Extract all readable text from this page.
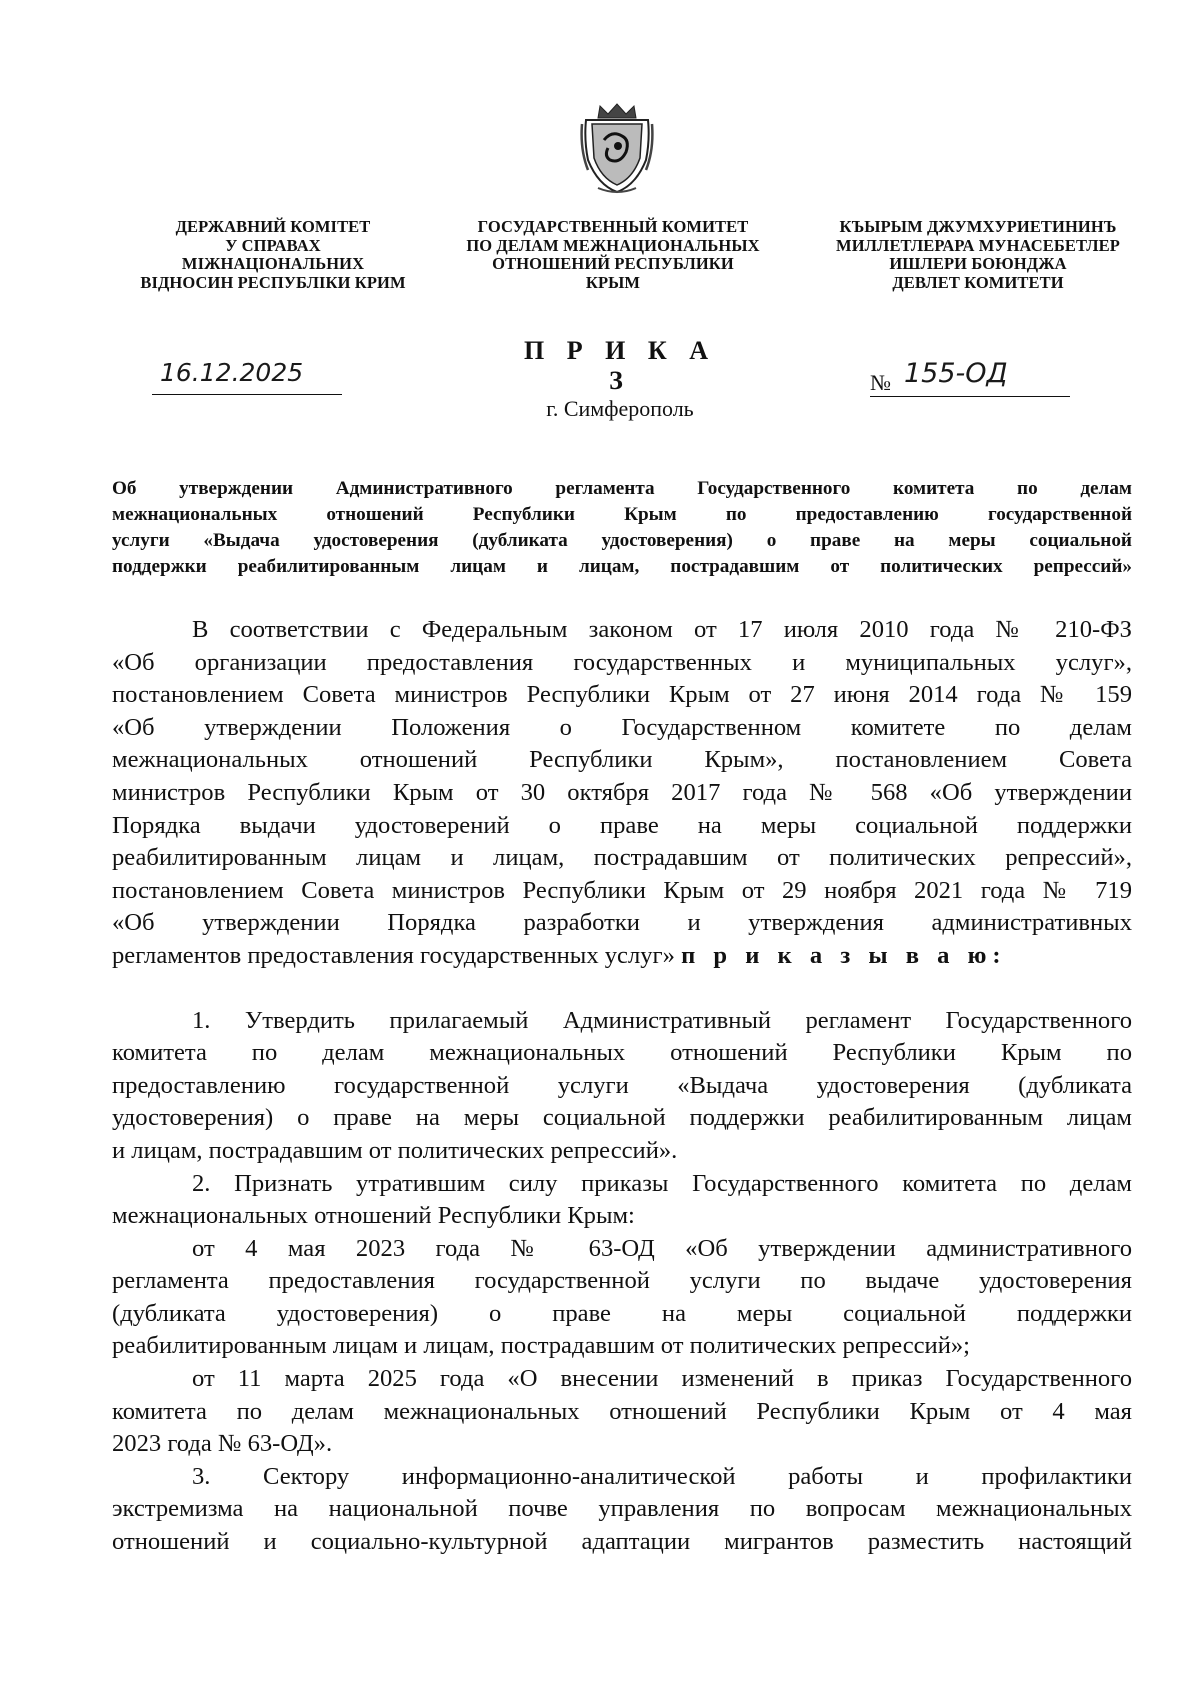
ДЕРЖАВНИЙ КОМІТЕТ
У СПРАВАХ
МІЖНАЦІОНАЛЬНИХ
ВІДНОСИН РЕСПУБЛІКИ КРИМ
ГОСУДАРСТВЕННЫЙ КОМИТЕТ
ПО ДЕЛАМ МЕЖНАЦИОНАЛЬНЫХ
ОТНОШЕНИЙ РЕСПУБЛИКИ
КРЫМ
КЪЫРЫМ ДЖУМХУРИЕТИНИНЪ
МИЛЛЕТЛЕРАРА МУНАСЕБЕТЛЕР
ИШЛЕРИ БОЮНДЖА
ДЕВЛЕТ КОМИТЕТИ
П Р И К А З
16.12.2025	№ 155-ОД
г. Симферополь
Об утверждении Административного регламента Государственного комитета по делам
межнациональных отношений Республики Крым по предоставлению государственной
услуги «Выдача удостоверения (дубликата удостоверения) о праве на меры социальной
поддержки реабилитированным лицам и лицам, пострадавшим от политических репрессий»
В соответствии с Федеральным законом от 17 июля 2010 года № 210-ФЗ
«Об организации предоставления государственных и муниципальных услуг»,
постановлением Совета министров Республики Крым от 27 июня 2014 года № 159
«Об утверждении Положения о Государственном комитете по делам
межнациональных отношений Республики Крым», постановлением Совета
министров Республики Крым от 30 октября 2017 года № 568 «Об утверждении
Порядка выдачи удостоверений о праве на меры социальной поддержки
реабилитированным лицам и лицам, пострадавшим от политических репрессий»,
постановлением Совета министров Республики Крым от 29 ноября 2021 года № 719
«Об утверждении Порядка разработки и утверждения административных
регламентов предоставления государственных услуг» п р и к а з ы в а ю:
1. Утвердить прилагаемый Административный регламент Государственного
комитета по делам межнациональных отношений Республики Крым по
предоставлению государственной услуги «Выдача удостоверения (дубликата
удостоверения) о праве на меры социальной поддержки реабилитированным лицам
и лицам, пострадавшим от политических репрессий».
2. Признать утратившим силу приказы Государственного комитета по делам
межнациональных отношений Республики Крым:
от 4 мая 2023 года № 63-ОД «Об утверждении административного
регламента предоставления государственной услуги по выдаче удостоверения
(дубликата удостоверения) о праве на меры социальной поддержки
реабилитированным лицам и лицам, пострадавшим от политических репрессий»;
от 11 марта 2025 года «О внесении изменений в приказ Государственного
комитета по делам межнациональных отношений Республики Крым от 4 мая
2023 года № 63-ОД».
3. Сектору информационно-аналитической работы и профилактики
экстремизма на национальной почве управления по вопросам межнациональных
отношений и социально-культурной адаптации мигрантов разместить настоящий
